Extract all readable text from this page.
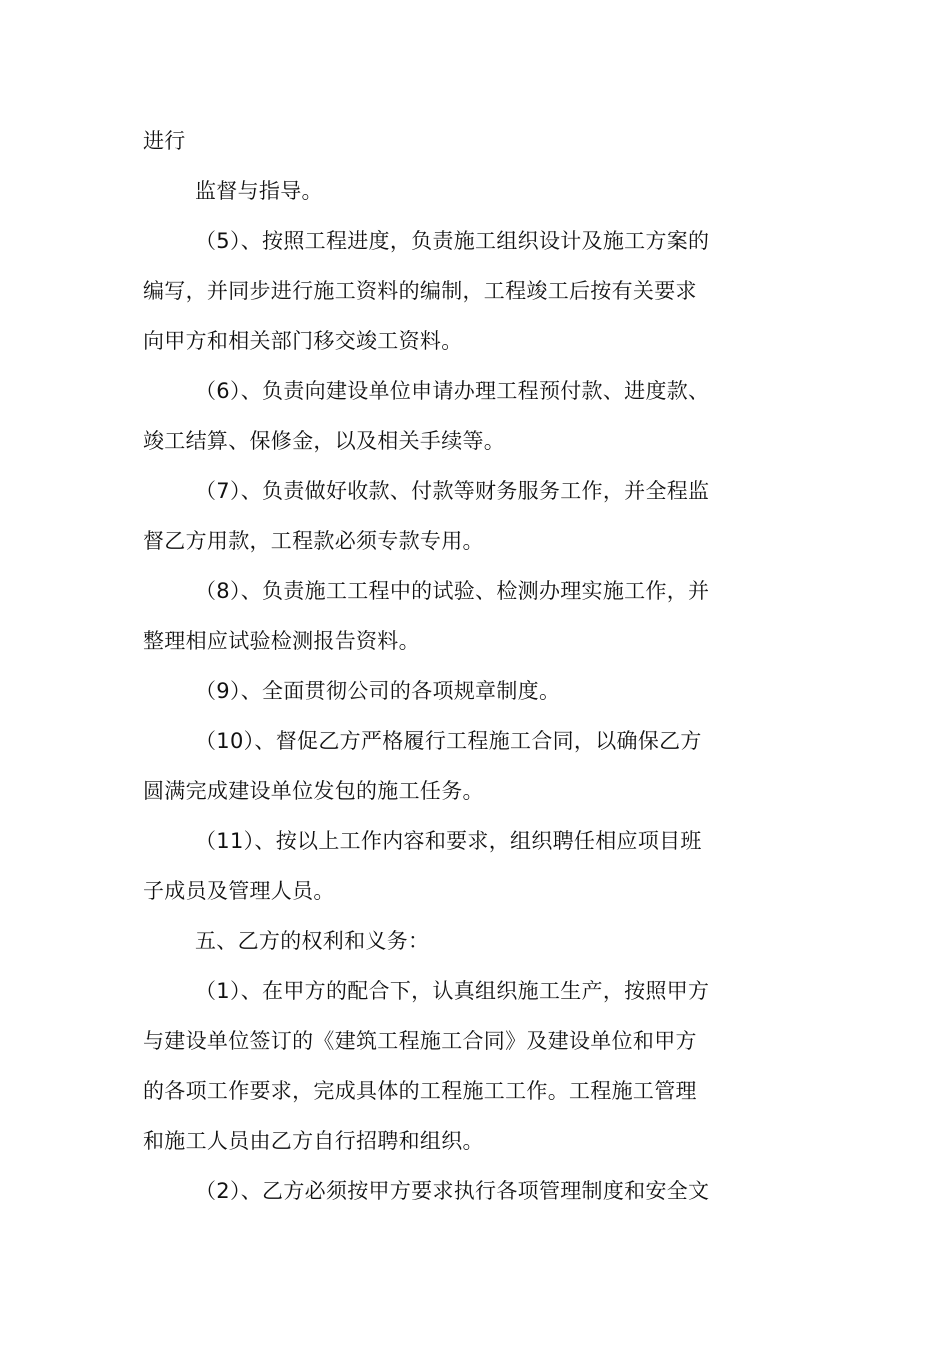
进行
监督与指导。
（5）、按照工程进度，负责施工组织设计及施工方案的
编写，并同步进行施工资料的编制，工程竣工后按有关要求
向甲方和相关部门移交竣工资料。
（6）、负责向建设单位申请办理工程预付款、进度款、
竣工结算、保修金，以及相关手续等。
（7）、负责做好收款、付款等财务服务工作，并全程监
督乙方用款，工程款必须专款专用。
（8）、负责施工工程中的试验、检测办理实施工作，并
整理相应试验检测报告资料。
（9）、全面贯彻公司的各项规章制度。
（10）、督促乙方严格履行工程施工合同，以确保乙方
圆满完成建设单位发包的施工任务。
（11）、按以上工作内容和要求，组织聘任相应项目班
子成员及管理人员。
五、乙方的权利和义务：
（1）、在甲方的配合下，认真组织施工生产，按照甲方
与建设单位签订的《建筑工程施工合同》及建设单位和甲方
的各项工作要求，完成具体的工程施工工作。工程施工管理
和施工人员由乙方自行招聘和组织。
（2）、乙方必须按甲方要求执行各项管理制度和安全文
